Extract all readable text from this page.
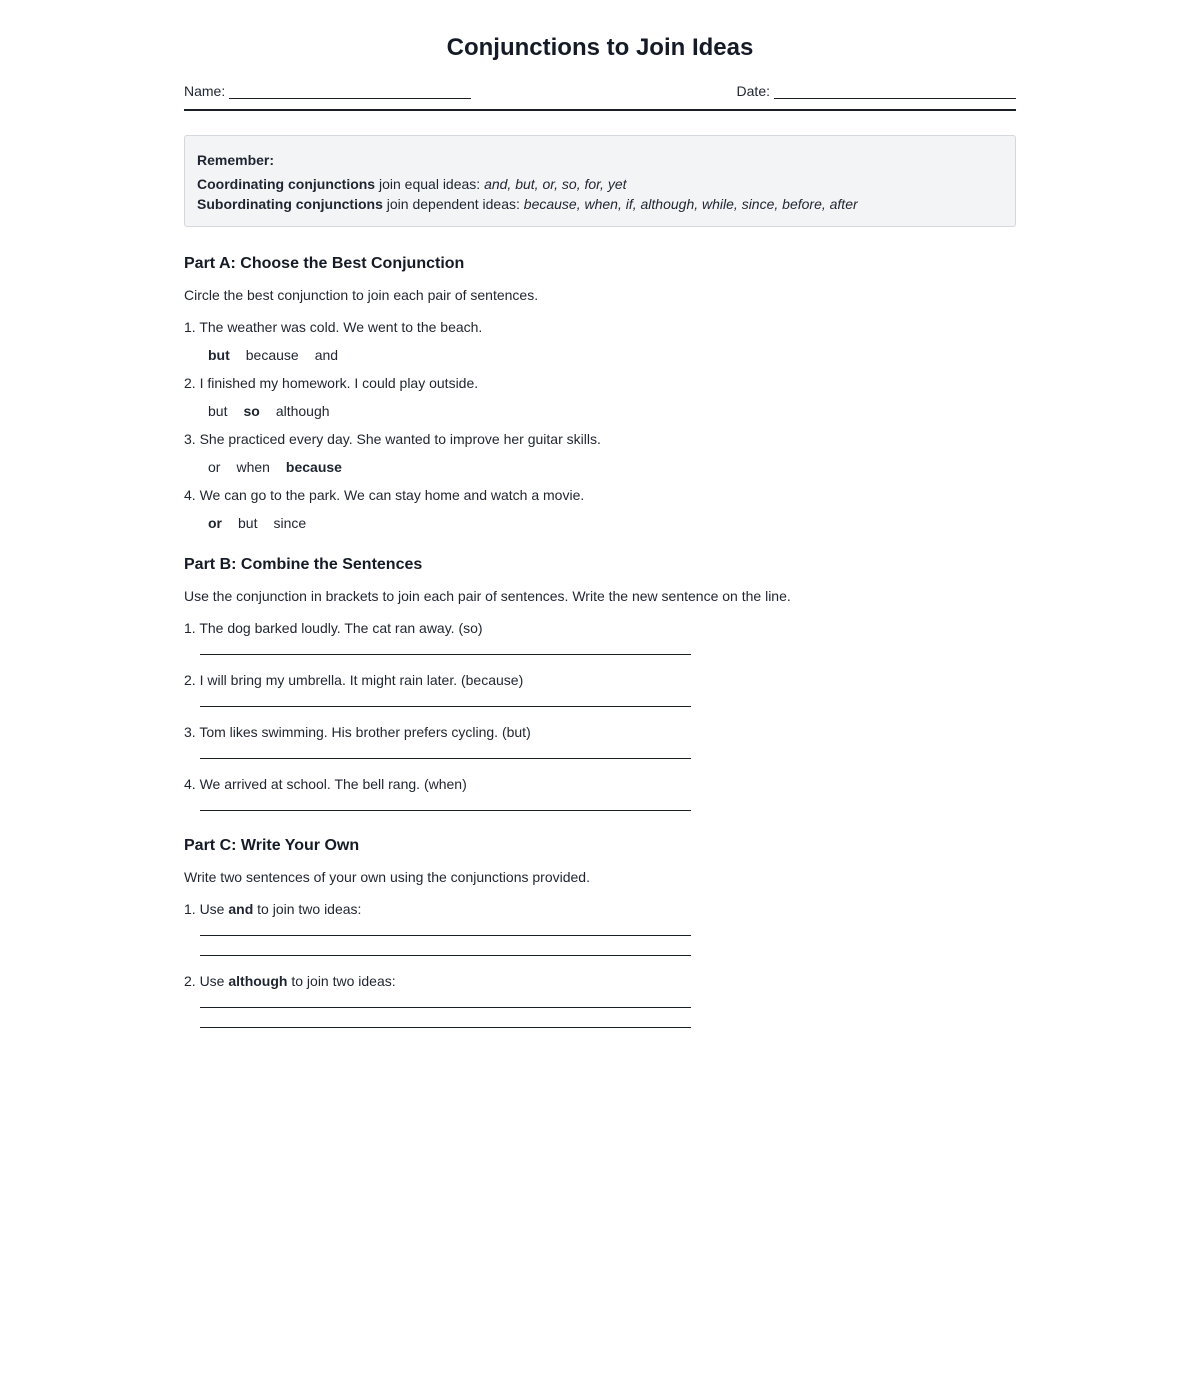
Conjunctions to Join Ideas
Name:	Date:
Remember:
Coordinating conjunctions join equal ideas: and, but, or, so, for, yet
Subordinating conjunctions join dependent ideas: because, when, if, although, while, since, before, after
Part A: Choose the Best Conjunction
Circle the best conjunction to join each pair of sentences.
1. The weather was cold. We went to the beach.
but because and
2. I finished my homework. I could play outside.
but so although
3. She practiced every day. She wanted to improve her guitar skills.
or when because
4. We can go to the park. We can stay home and watch a movie.
or but since
Part B: Combine the Sentences
Use the conjunction in brackets to join each pair of sentences. Write the new sentence on the line.
1. The dog barked loudly. The cat ran away. (so)
2. I will bring my umbrella. It might rain later. (because)
3. Tom likes swimming. His brother prefers cycling. (but)
4. We arrived at school. The bell rang. (when)
Part C: Write Your Own
Write two sentences of your own using the conjunctions provided.
1. Use and to join two ideas:
2. Use although to join two ideas:
